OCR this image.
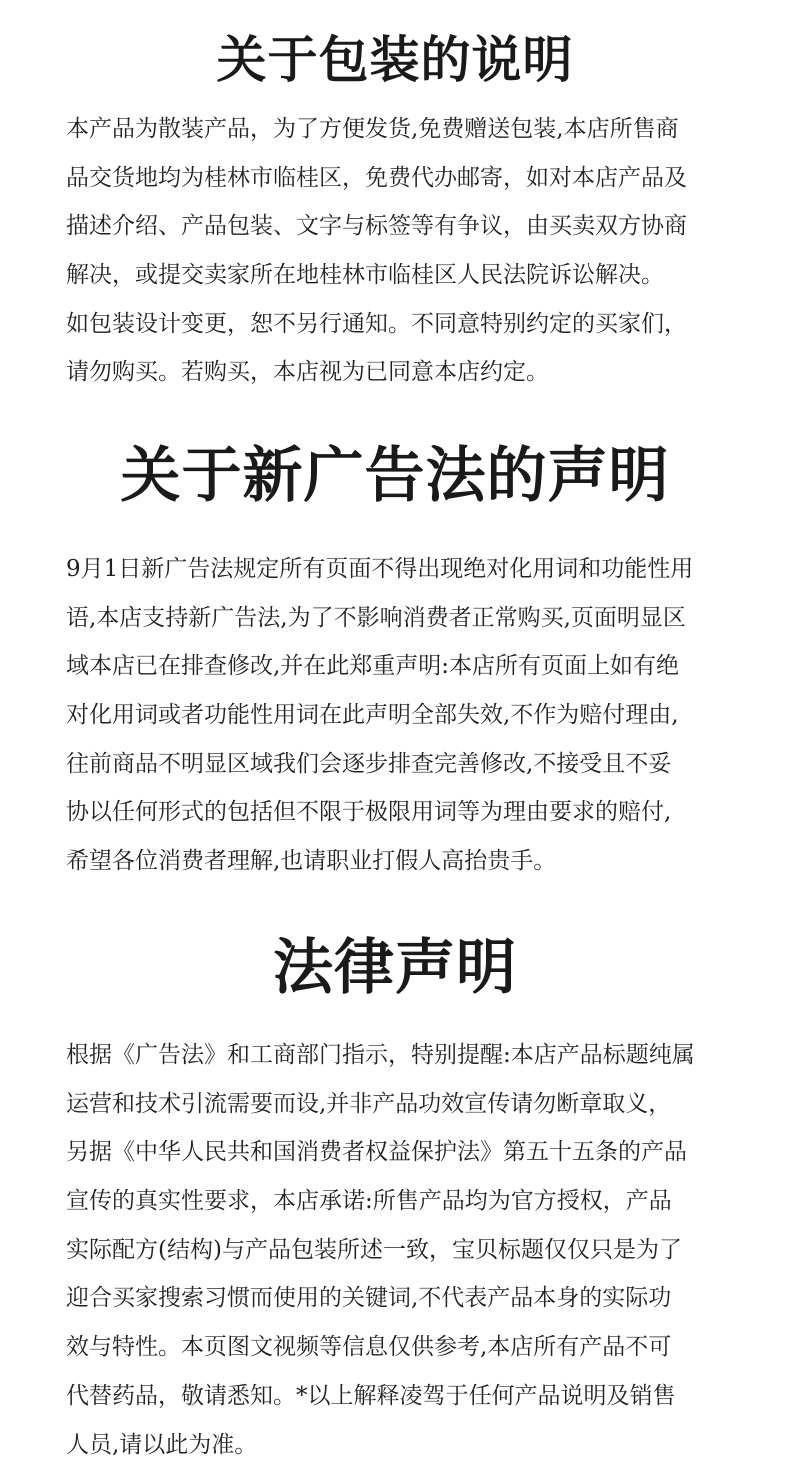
关于包装的说明
本产品为散装产品，为了方便发货,免费赠送包装,本店所售商
品交货地均为桂林市临桂区，免费代办邮寄，如对本店产品及
描述介绍、产品包装、文字与标签等有争议，由买卖双方协商
解决，或提交卖家所在地桂林市临桂区人民法院诉讼解决。
如包装设计变更，恕不另行通知。不同意特别约定的买家们，
请勿购买。若购买，本店视为已同意本店约定。
关于新广告法的声明
9月1日新广告法规定所有页面不得出现绝对化用词和功能性用
语,本店支持新广告法,为了不影响消费者正常购买,页面明显区
域本店已在排查修改,并在此郑重声明:本店所有页面上如有绝
对化用词或者功能性用词在此声明全部失效,不作为赔付理由,
往前商品不明显区域我们会逐步排查完善修改,不接受且不妥
协以任何形式的包括但不限于极限用词等为理由要求的赔付,
希望各位消费者理解,也请职业打假人高抬贵手。
法律声明
根据《广告法》和工商部门指示，特别提醒:本店产品标题纯属
运营和技术引流需要而设,并非产品功效宣传请勿断章取义，
另据《中华人民共和国消费者权益保护法》第五十五条的产品
宣传的真实性要求，本店承诺:所售产品均为官方授权，产品
实际配方(结构)与产品包装所述一致，宝贝标题仅仅只是为了
迎合买家搜索习惯而使用的关键词,不代表产品本身的实际功
效与特性。本页图文视频等信息仅供参考,本店所有产品不可
代替药品，敬请悉知。*以上解释凌驾于任何产品说明及销售
人员,请以此为准。
